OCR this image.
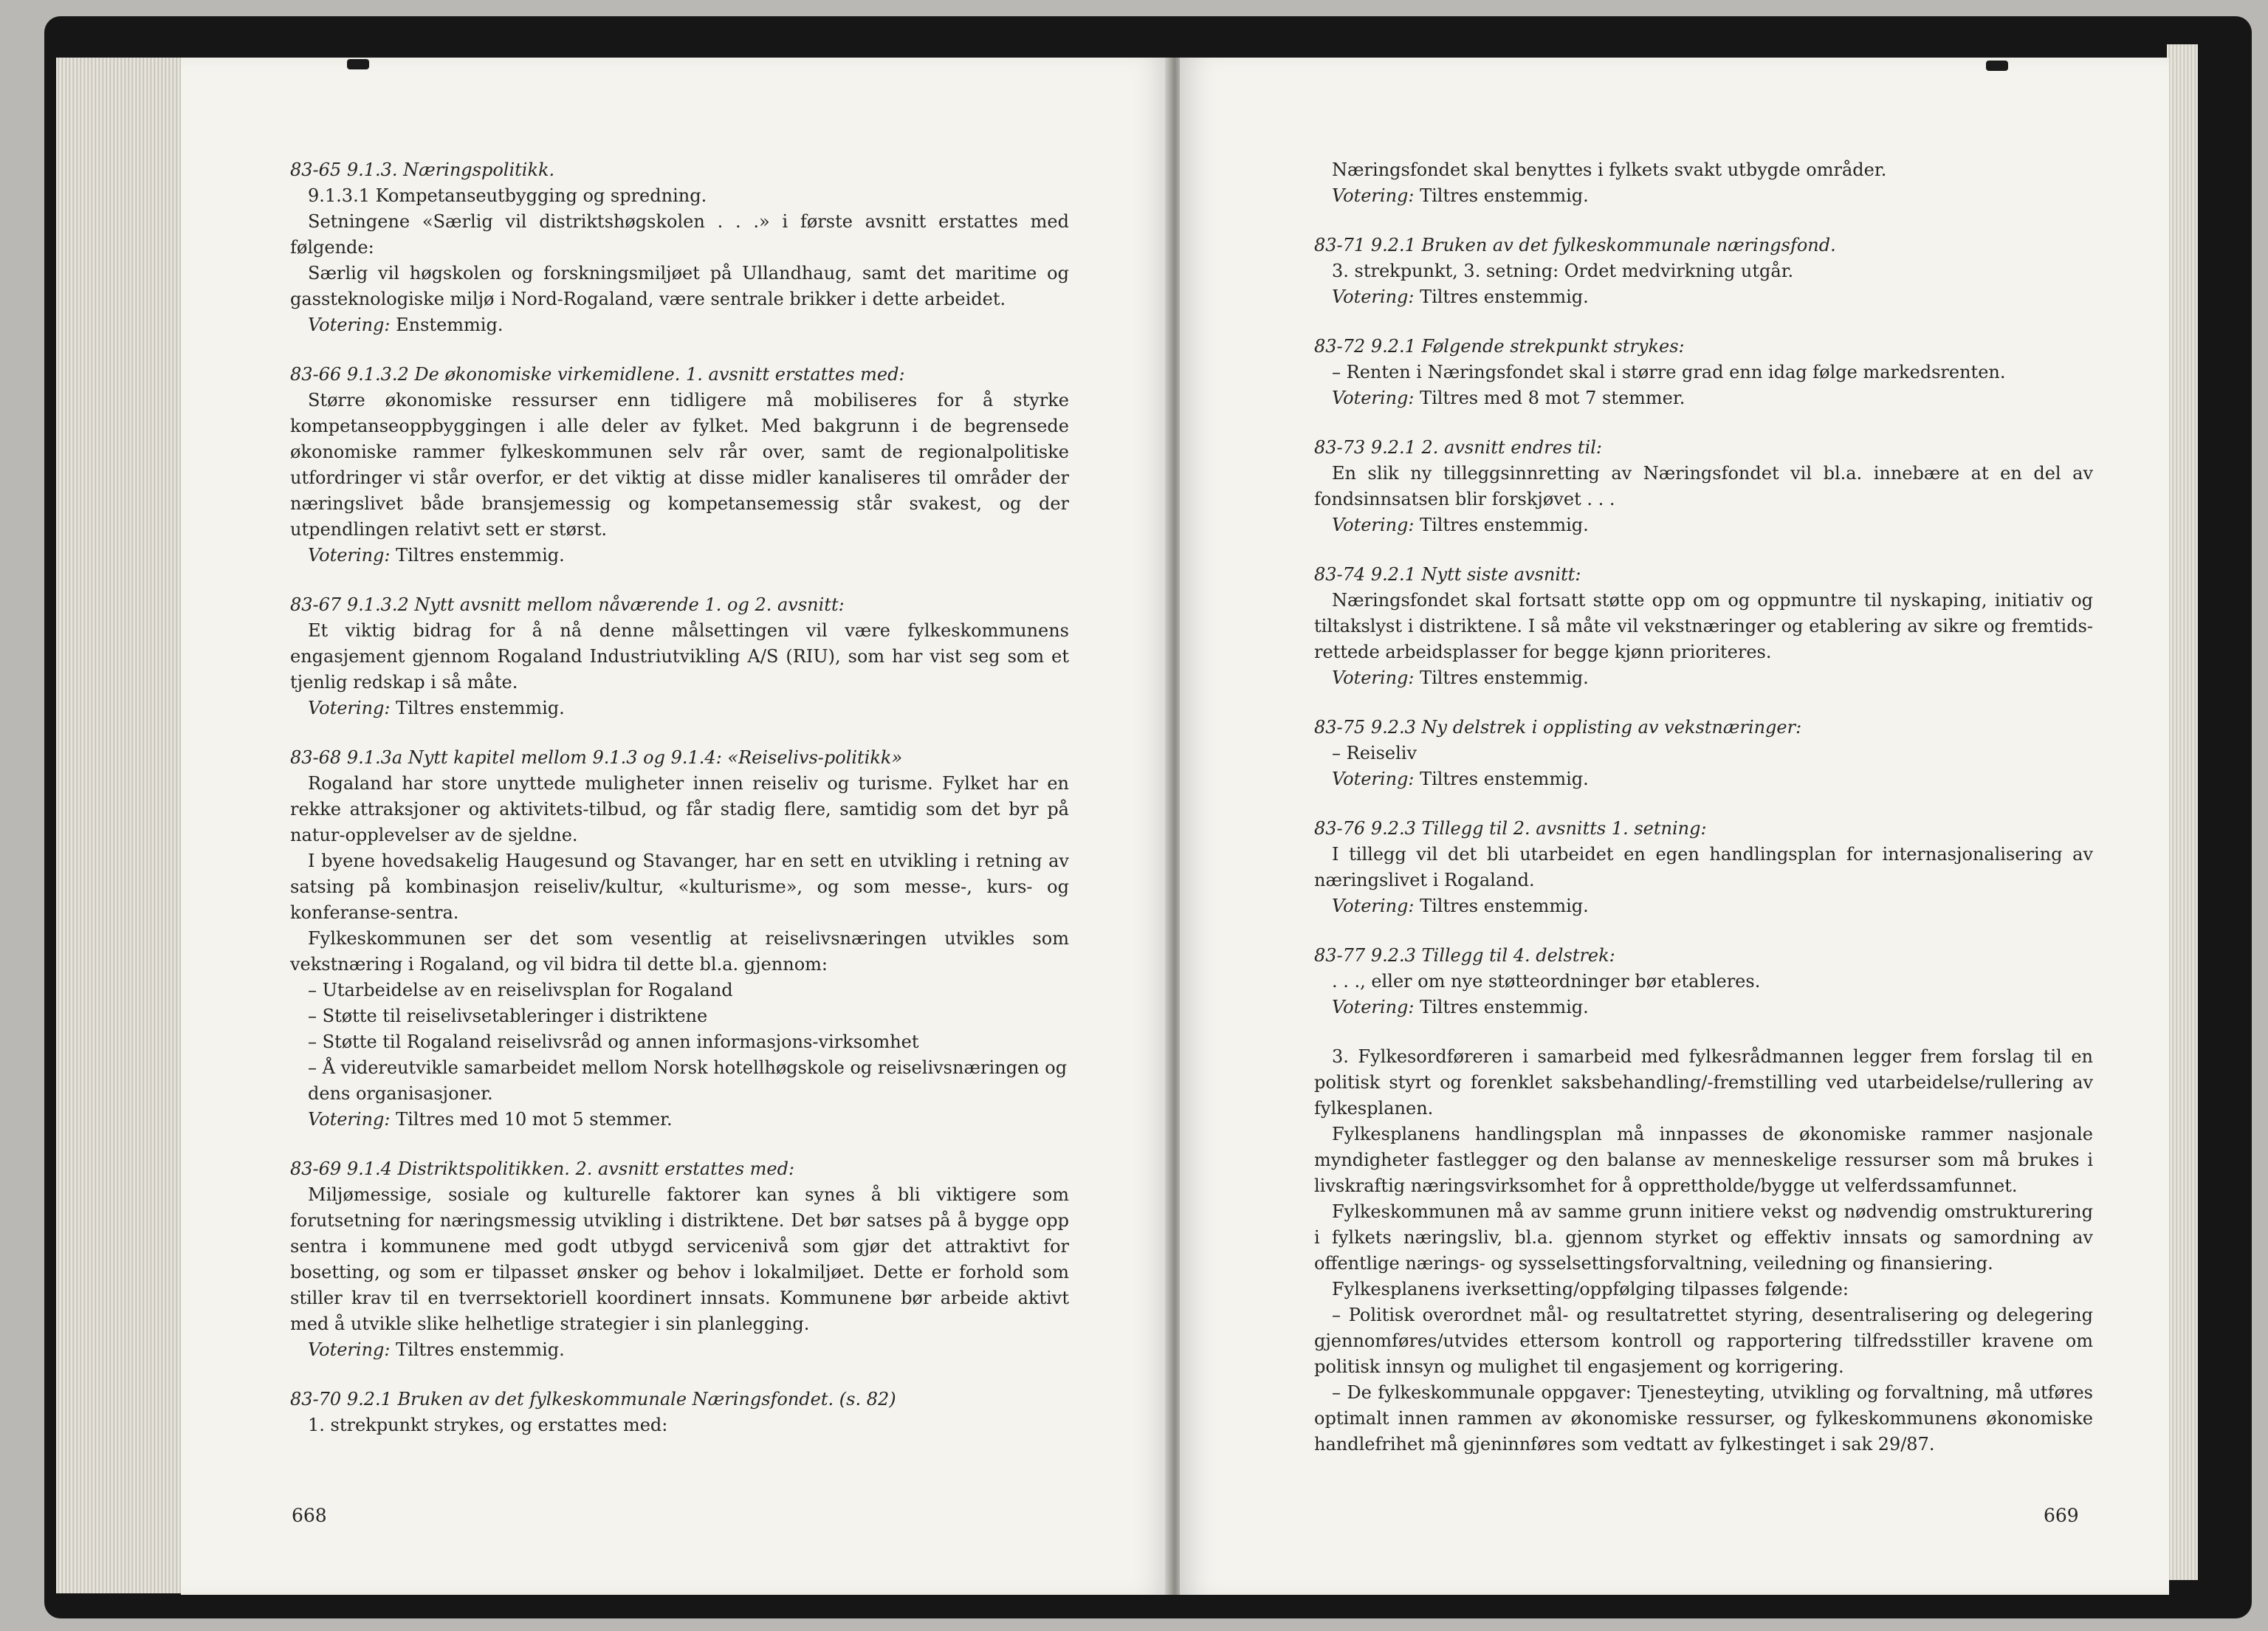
83-65 9.1.3. Næringspolitikk.
9.1.3.1 Kompetanseutbygging og spredning.
Setningene «Særlig vil distriktshøgskolen . . .» i første avsnitt erstattes med følgende:
Særlig vil høgskolen og forskningsmiljøet på Ullandhaug, samt det maritime og gassteknologiske miljø i Nord-Rogaland, være sentrale brikker i dette arbeidet.
Votering: Enstemmig.
83-66 9.1.3.2 De økonomiske virkemidlene. 1. avsnitt erstattes med:
Større økonomiske ressurser enn tidligere må mobiliseres for å styrke kompetanseoppbyggingen i alle deler av fylket. Med bakgrunn i de begrensede økonomiske rammer fylkeskommunen selv rår over, samt de regionalpolitiske utfordringer vi står overfor, er det viktig at disse midler kanaliseres til områder der næringslivet både bransjemessig og kompetansemessig står svakest, og der utpendlingen relativt sett er størst.
Votering: Tiltres enstemmig.
83-67 9.1.3.2 Nytt avsnitt mellom nåværende 1. og 2. avsnitt:
Et viktig bidrag for å nå denne målsettingen vil være fylkeskommunens engasjement gjennom Rogaland Industriutvikling A/S (RIU), som har vist seg som et tjenlig redskap i så måte.
Votering: Tiltres enstemmig.
83-68 9.1.3a Nytt kapitel mellom 9.1.3 og 9.1.4: «Reiselivs-politikk»
Rogaland har store unyttede muligheter innen reiseliv og turisme. Fylket har en rekke attraksjoner og aktivitets-tilbud, og får stadig flere, samtidig som det byr på natur-opplevelser av de sjeldne.
I byene hovedsakelig Haugesund og Stavanger, har en sett en utvikling i retning av satsing på kombinasjon reiseliv/kultur, «kulturisme», og som messe-, kurs- og konferanse-sentra.
Fylkeskommunen ser det som vesentlig at reiselivsnæringen utvikles som vekstnæring i Rogaland, og vil bidra til dette bl.a. gjennom:
– Utarbeidelse av en reiselivsplan for Rogaland
– Støtte til reiselivsetableringer i distriktene
– Støtte til Rogaland reiselivsråd og annen informasjons-virksomhet
– Å videreutvikle samarbeidet mellom Norsk hotellhøgskole og reiselivsnæringen og dens organisasjoner.
Votering: Tiltres med 10 mot 5 stemmer.
83-69 9.1.4 Distriktspolitikken. 2. avsnitt erstattes med:
Miljømessige, sosiale og kulturelle faktorer kan synes å bli viktigere som forutsetning for næringsmessig utvikling i distriktene. Det bør satses på å bygge opp sentra i kommunene med godt utbygd servicenivå som gjør det attraktivt for bosetting, og som er tilpasset ønsker og behov i lokalmiljøet. Dette er forhold som stiller krav til en tverrsektoriell koordinert innsats. Kommunene bør arbeide aktivt med å utvikle slike helhetlige strategier i sin planlegging.
Votering: Tiltres enstemmig.
83-70 9.2.1 Bruken av det fylkeskommunale Næringsfondet. (s. 82)
1. strekpunkt strykes, og erstattes med:
668
Næringsfondet skal benyttes i fylkets svakt utbygde områder.
Votering: Tiltres enstemmig.
83-71 9.2.1 Bruken av det fylkeskommunale næringsfond.
3. strekpunkt, 3. setning: Ordet medvirkning utgår.
Votering: Tiltres enstemmig.
83-72 9.2.1 Følgende strekpunkt strykes:
– Renten i Næringsfondet skal i større grad enn idag følge markedsrenten.
Votering: Tiltres med 8 mot 7 stemmer.
83-73 9.2.1 2. avsnitt endres til:
En slik ny tilleggsinnretting av Næringsfondet vil bl.a. innebære at en del av fondsinnsatsen blir forskjøvet . . .
Votering: Tiltres enstemmig.
83-74 9.2.1 Nytt siste avsnitt:
Næringsfondet skal fortsatt støtte opp om og oppmuntre til nyskaping, initiativ og tiltakslyst i distriktene. I så måte vil vekstnæringer og etablering av sikre og fremtids-rettede arbeidsplasser for begge kjønn prioriteres.
Votering: Tiltres enstemmig.
83-75 9.2.3 Ny delstrek i opplisting av vekstnæringer:
– Reiseliv
Votering: Tiltres enstemmig.
83-76 9.2.3 Tillegg til 2. avsnitts 1. setning:
I tillegg vil det bli utarbeidet en egen handlingsplan for internasjonalisering av næringslivet i Rogaland.
Votering: Tiltres enstemmig.
83-77 9.2.3 Tillegg til 4. delstrek:
. . ., eller om nye støtteordninger bør etableres.
Votering: Tiltres enstemmig.
3. Fylkesordføreren i samarbeid med fylkesrådmannen legger frem forslag til en politisk styrt og forenklet saksbehandling/-fremstilling ved utarbeidelse/rullering av fylkesplanen.
Fylkesplanens handlingsplan må innpasses de økonomiske rammer nasjonale myndigheter fastlegger og den balanse av menneskelige ressurser som må brukes i livskraftig næringsvirksomhet for å opprettholde/bygge ut velferdssamfunnet.
Fylkeskommunen må av samme grunn initiere vekst og nødvendig omstrukturering i fylkets næringsliv, bl.a. gjennom styrket og effektiv innsats og samordning av offentlige nærings- og sysselsettingsforvaltning, veiledning og finansiering.
Fylkesplanens iverksetting/oppfølging tilpasses følgende:
– Politisk overordnet mål- og resultatrettet styring, desentralisering og delegering gjennomføres/utvides ettersom kontroll og rapportering tilfredsstiller kravene om politisk innsyn og mulighet til engasjement og korrigering.
– De fylkeskommunale oppgaver: Tjenesteyting, utvikling og forvaltning, må utføres optimalt innen rammen av økonomiske ressurser, og fylkeskommunens økonomiske handlefrihet må gjeninnføres som vedtatt av fylkestinget i sak 29/87.
669
